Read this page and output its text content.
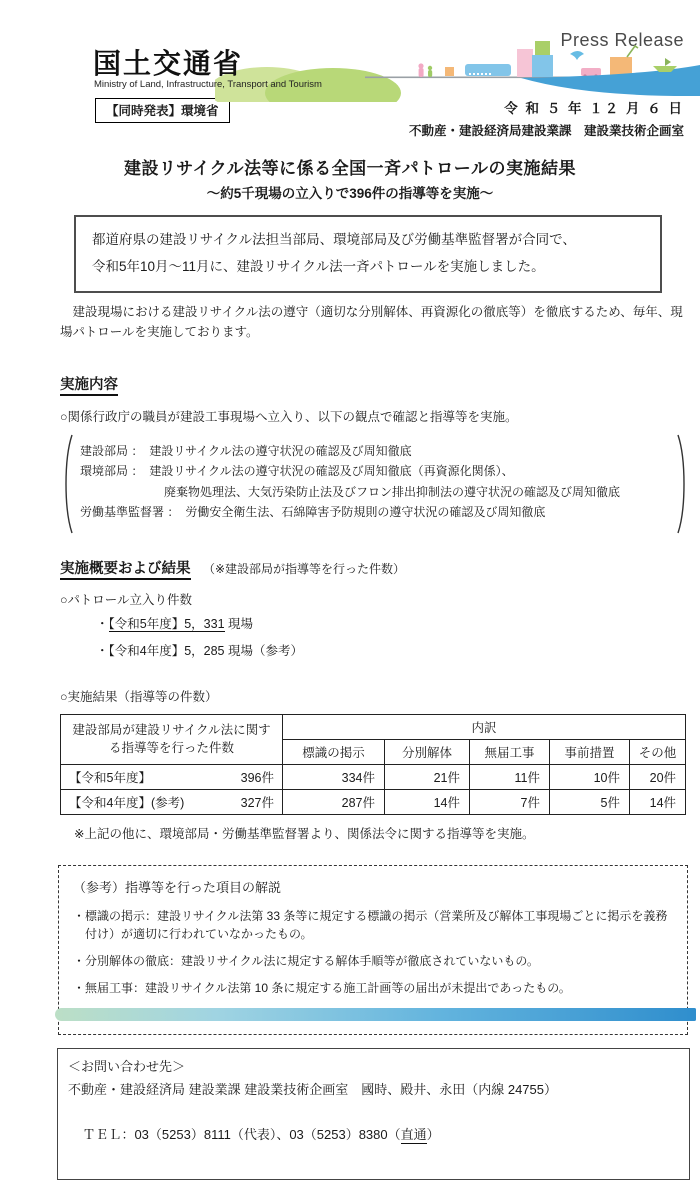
国土交通省
Ministry of Land, Infrastructure, Transport and Tourism
Press Release
【同時発表】環境省	令 和 ５ 年 １２ 月 ６ 日
不動産・建設経済局建設業課　建設業技術企画室
建設リサイクル法等に係る全国一斉パトロールの実施結果
～約5千現場の立入りで396件の指導等を実施～
都道府県の建設リサイクル法担当部局、環境部局及び労働基準監督署が合同で、
令和5年10月～11月に、建設リサイクル法一斉パトロールを実施しました。
　建設現場における建設リサイクル法の遵守（適切な分別解体、再資源化の徹底等）を徹底するため、毎年、現場パトロールを実施しております。
実施内容
○関係行政庁の職員が建設工事現場へ立入り、以下の観点で確認と指導等を実施。
建設部局 ：　建設リサイクル法の遵守状況の確認及び周知徹底
環境部局 ：　建設リサイクル法の遵守状況の確認及び周知徹底（再資源化関係）、
　　　　　　　廃棄物処理法、大気汚染防止法及びフロン排出抑制法の遵守状況の確認及び周知徹底
労働基準監督署 ：　労働安全衛生法、石綿障害予防規則の遵守状況の確認及び周知徹底
実施概要および結果 （※建設部局が指導等を行った件数）
○パトロール立入り件数
・【令和5年度】5，331 現場
・【令和4年度】5，285 現場（参考）
○実施結果（指導等の件数）
建設部局が建設リサイクル法に関する指導等を行った件数	内訳				
	標識の掲示	分別解体	無届工事	事前措置	その他

【令和5年度】 396件	334件	21件	11件	10件	20件

【令和4年度】(参考) 327件	287件	14件	7件	5件	14件
※上記の他に、環境部局・労働基準監督署より、関係法令に関する指導等を実施。
（参考）指導等を行った項目の解説
・標識の掲示：建設リサイクル法第 33 条等に規定する標識の掲示（営業所及び解体工事現場ごとに掲示を義務付け）が適切に行われていなかったもの。
・分別解体の徹底：建設リサイクル法に規定する解体手順等が徹底されていないもの。
・無届工事：建設リサイクル法第 10 条に規定する施工計画等の届出が未提出であったもの。
＜お問い合わせ先＞
不動産・建設経済局 建設業課 建設業技術企画室　國時、殿井、永田（内線 24755）

ＴＥＬ：03（5253）8111（代表）、03（5253）8380（直通）
